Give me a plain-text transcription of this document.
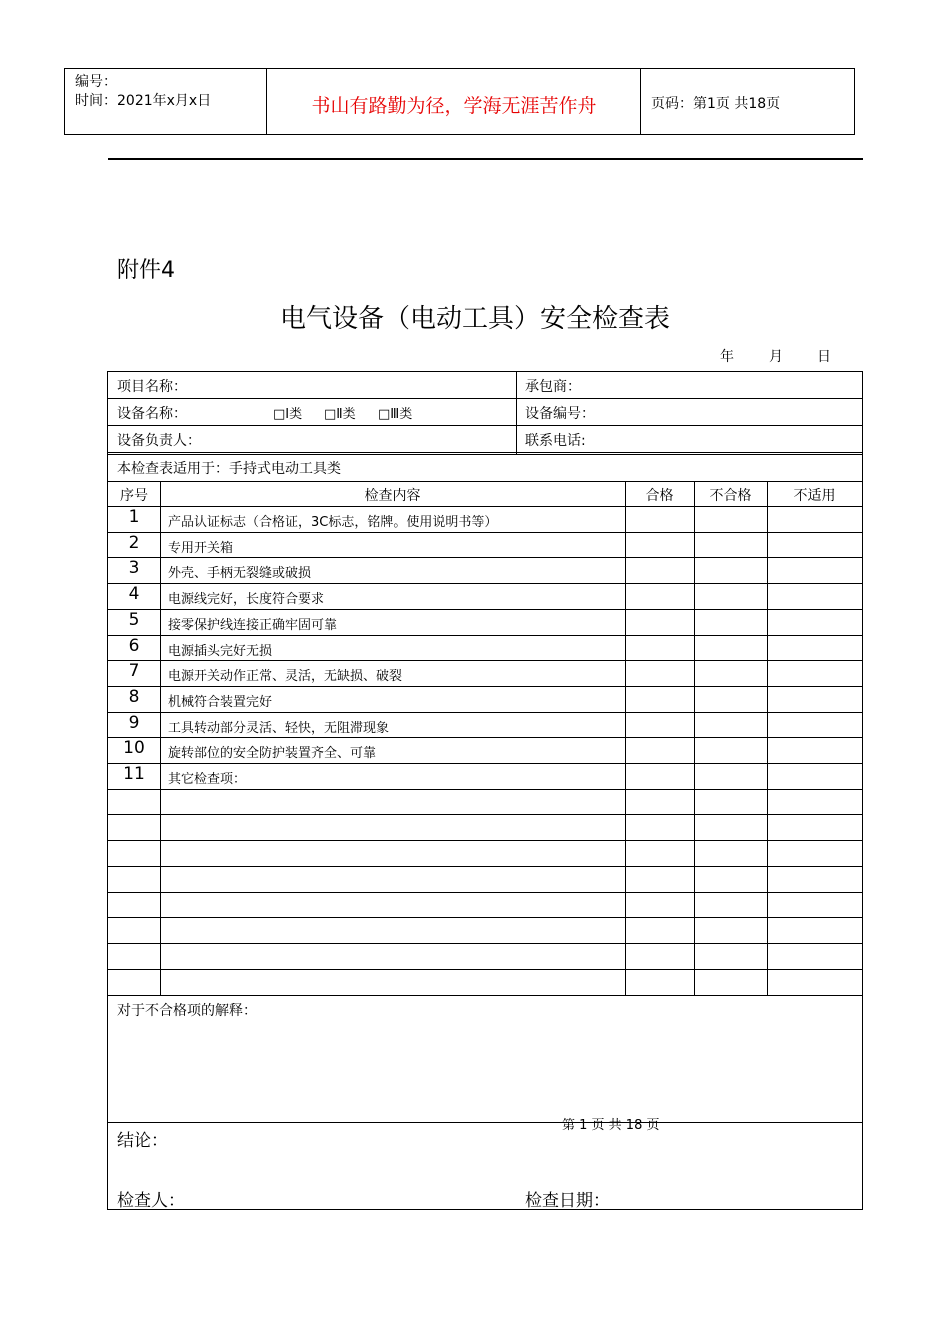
编号：
时间：2021年x月x日	书山有路勤为径，学海无涯苦作舟	页码：第1页 共18页
附件4
电气设备（电动工具）安全检查表
年	月 日
项目名称：	承包商：
设备名称：	□Ⅰ类 □Ⅱ类 □Ⅲ类	设备编号：
设备负责人：	联系电话:
本检查表适用于：手持式电动工具类
序号	检查内容	合格	不合格	不适用
1	产品认证标志（合格证，3C标志，铭牌。使用说明书等）
2	专用开关箱
3	外壳、手柄无裂缝或破损
4	电源线完好，长度符合要求
5	接零保护线连接正确牢固可靠
6	电源插头完好无损
7	电源开关动作正常、灵活，无缺损、破裂
8	机械符合装置完好
9	工具转动部分灵活、轻快，无阻滞现象
10	旋转部位的安全防护装置齐全、可靠
11	其它检查项：
对于不合格项的解释：
第 1 页 共 18 页
结论：
检查人：	检查日期：
